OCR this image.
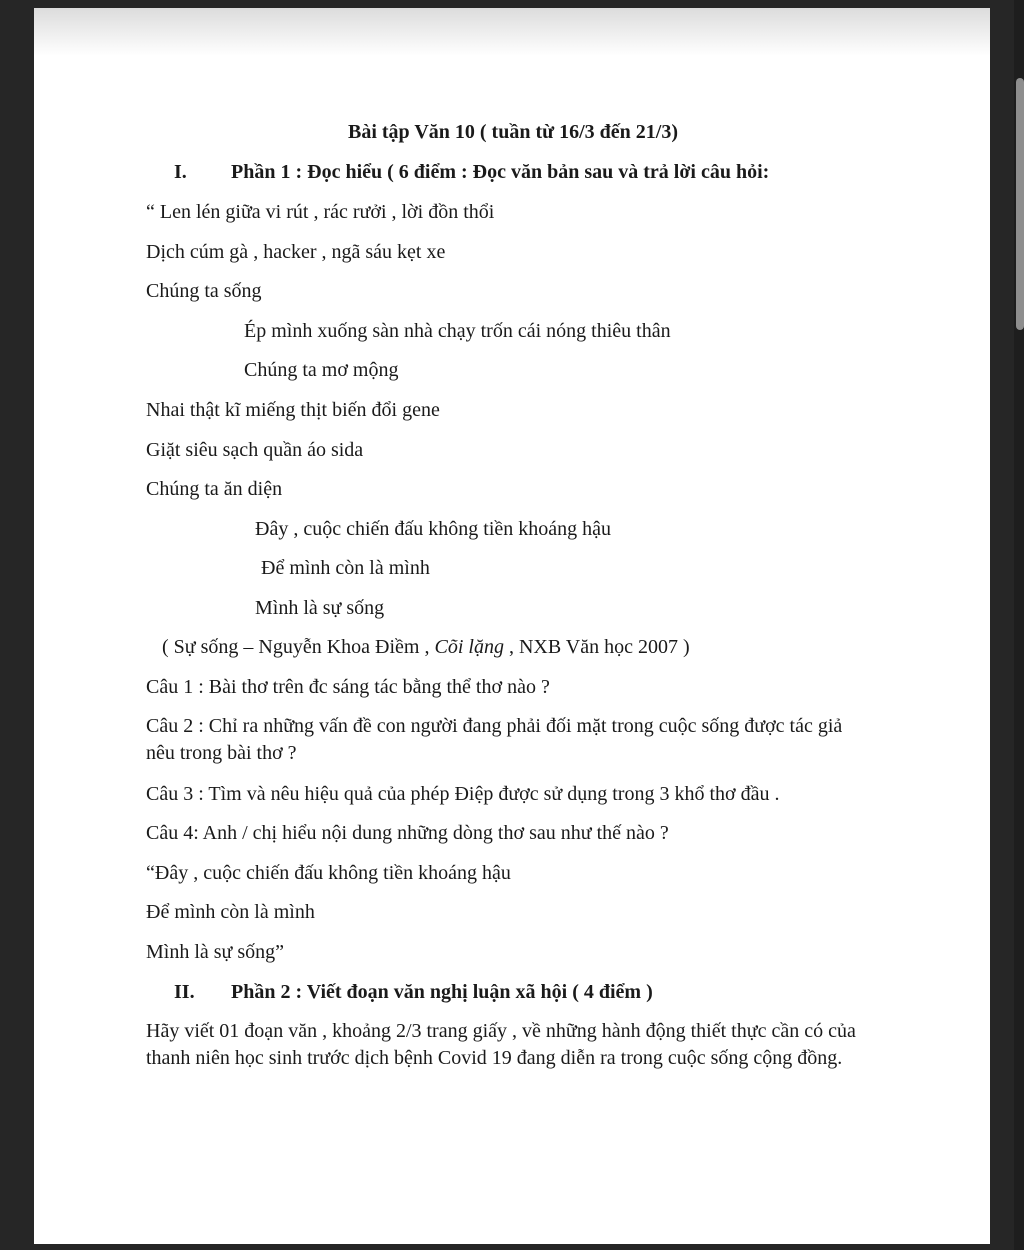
Bài tập Văn 10 ( tuần từ 16/3 đến 21/3)
I. Phần 1 : Đọc hiểu ( 6 điểm : Đọc văn bản sau và trả lời câu hỏi:
“ Len lén giữa vi rút , rác rưởi , lời đồn thổi
Dịch cúm gà , hacker , ngã sáu kẹt xe
Chúng ta sống
Ép mình xuống sàn nhà chạy trốn cái nóng thiêu thân
Chúng ta mơ mộng
Nhai thật kĩ miếng thịt biến đổi gene
Giặt siêu sạch quần áo sida
Chúng ta ăn diện
Đây , cuộc chiến đấu không tiền khoáng hậu
Để mình còn là mình
Mình là sự sống
( Sự sống – Nguyễn Khoa Điềm , Cõi lặng , NXB Văn học 2007 )
Câu 1 : Bài thơ trên đc sáng tác bằng thể thơ nào ?
Câu 2 : Chỉ ra những vấn đề con người đang phải đối mặt trong cuộc sống được tác giả nêu trong bài thơ ?
Câu 3 : Tìm và nêu hiệu quả của phép Điệp được sử dụng trong 3 khổ thơ đầu .
Câu 4: Anh / chị hiểu nội dung những dòng thơ sau như thế nào ?
“Đây , cuộc chiến đấu không tiền khoáng hậu
Để mình còn là mình
Mình là sự sống”
II. Phần 2 : Viết đoạn văn nghị luận xã hội ( 4 điểm )
Hãy viết 01 đoạn văn , khoảng 2/3 trang giấy , về những hành động thiết thực cần có của thanh niên học sinh trước dịch bệnh Covid 19 đang diễn ra trong cuộc sống cộng đồng.
